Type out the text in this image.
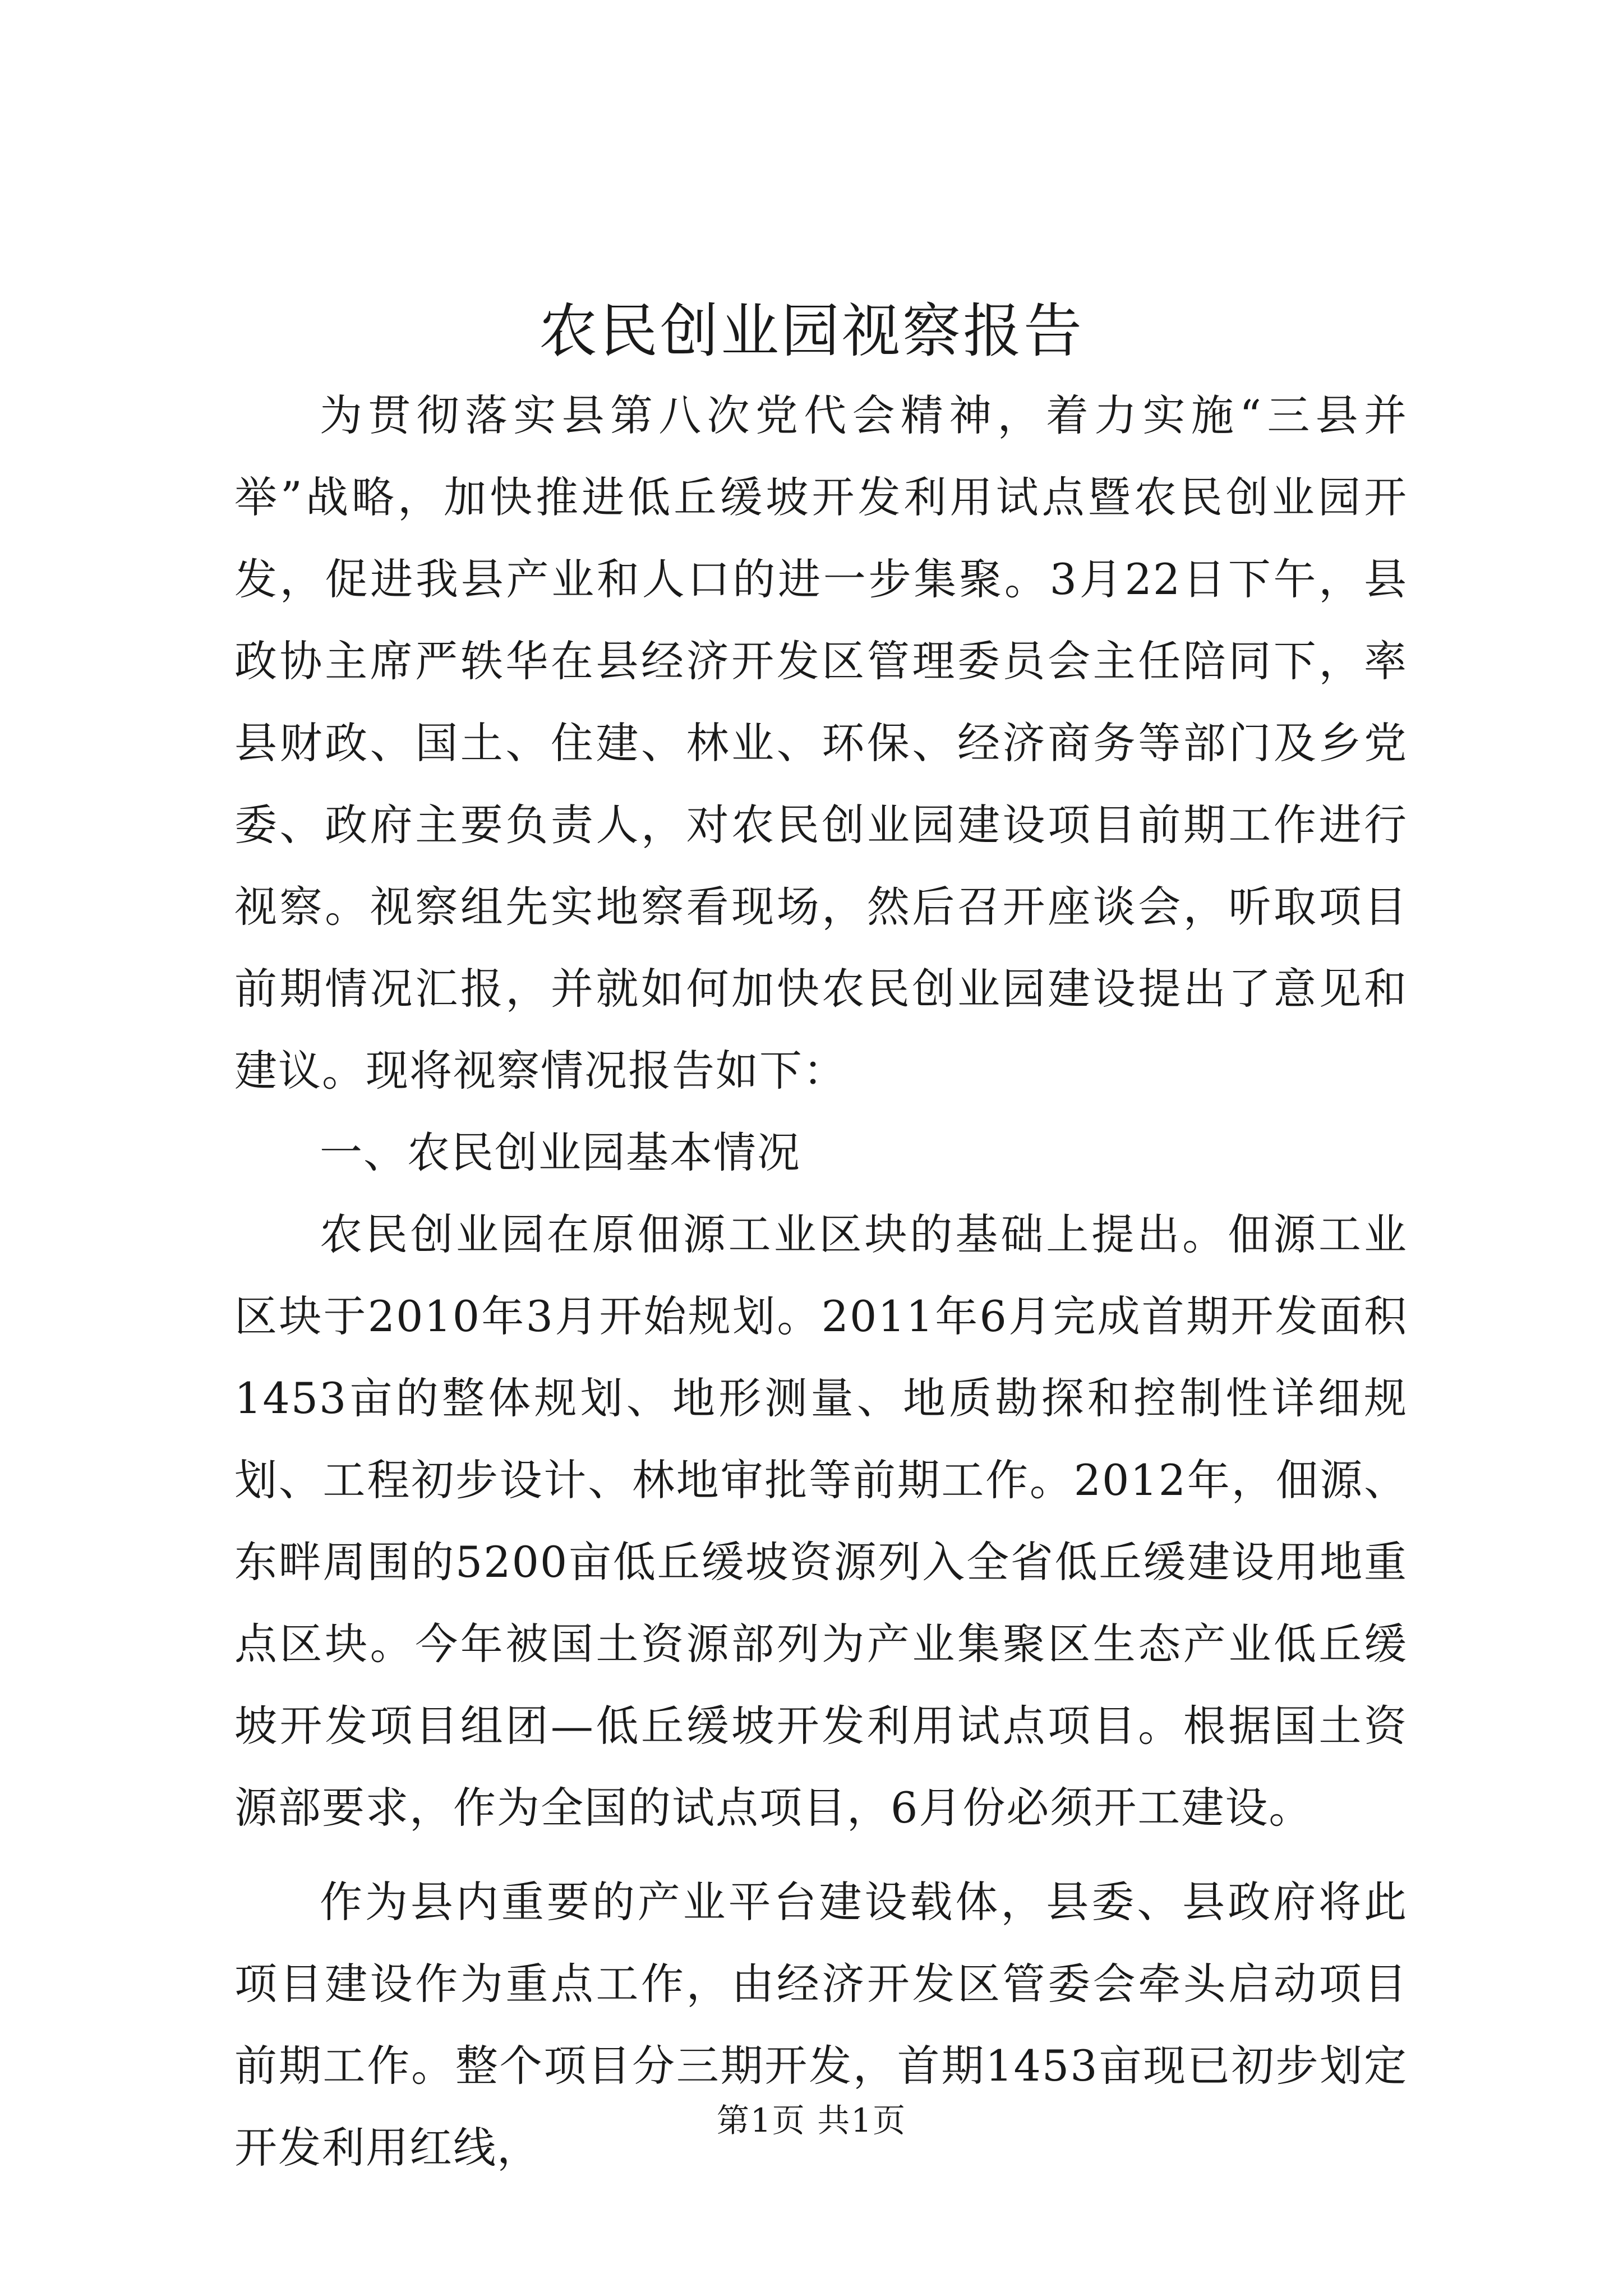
农民创业园视察报告

为贯彻落实县第八次党代会精神，着力实施“三县并举”战略，加快推进低丘缓坡开发利用试点暨农民创业园开发，促进我县产业和人口的进一步集聚。3月22日下午，县政协主席严轶华在县经济开发区管理委员会主任陪同下，率县财政、国土、住建、林业、环保、经济商务等部门及乡党委、政府主要负责人，对农民创业园建设项目前期工作进行视察。视察组先实地察看现场，然后召开座谈会，听取项目前期情况汇报，并就如何加快农民创业园建设提出了意见和建议。现将视察情况报告如下：

一、农民创业园基本情况

农民创业园在原佃源工业区块的基础上提出。佃源工业区块于2010年3月开始规划。2011年6月完成首期开发面积1453亩的整体规划、地形测量、地质勘探和控制性详细规划、工程初步设计、林地审批等前期工作。2012年，佃源、东畔周围的5200亩低丘缓坡资源列入全省低丘缓建设用地重点区块。今年被国土资源部列为产业集聚区生态产业低丘缓坡开发项目组团—低丘缓坡开发利用试点项目。根据国土资源部要求，作为全国的试点项目，6月份必须开工建设。

作为县内重要的产业平台建设载体，县委、县政府将此项目建设作为重点工作，由经济开发区管委会牵头启动项目前期工作。整个项目分三期开发，首期1453亩现已初步划定开发利用红线，

第1页 共1页
